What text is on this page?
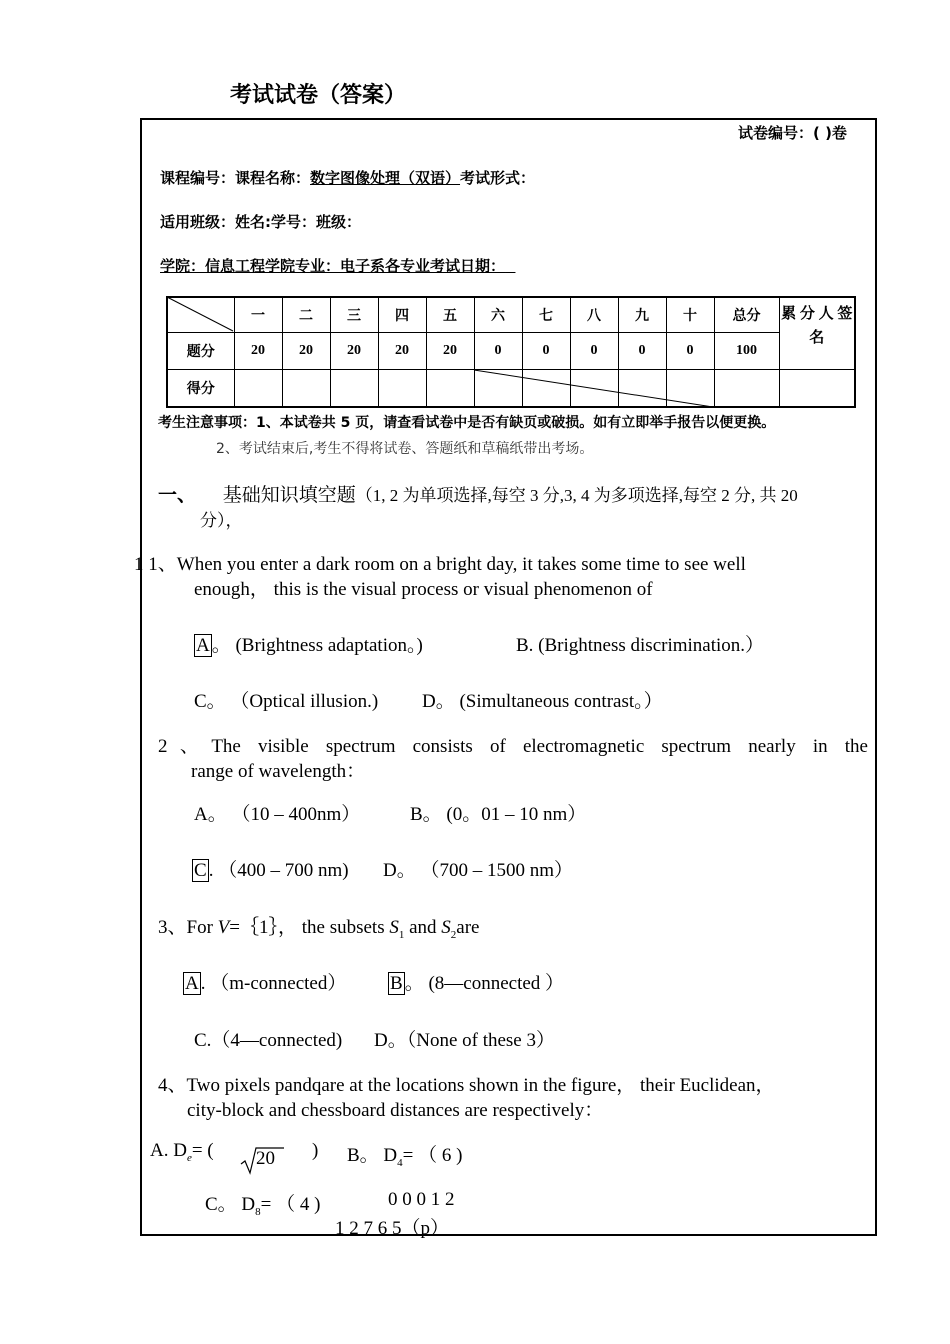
考试试卷（答案）
试卷编号：( )卷
课程编号：课程名称：数字图像处理（双语）考试形式：
适用班级：姓名:学号：班级：
学院：信息工程学院专业：电子系各专业考试日期：
	一	二	三	四	五	六	七	八	九	十	总分	累 分 人 签名
题分	20	20	20	20	20	0	0	0	0	0	100	
得分												
考生注意事项：1、本试卷共 5 页，请查看试卷中是否有缺页或破损。如有立即举手报告以便更换。
2、考试结束后,考生不得将试卷、答题纸和草稿纸带出考场。
一、 基础知识填空题（1, 2 为单项选择,每空 3 分,3, 4 为多项选择,每空 2 分, 共 20
分），
1 1、When you enter a dark room on a bright day, it takes some time to see well
enough， this is the visual process or visual phenomenon of
A 。 (Brightness adaptation。)	B. (Brightness discrimination.）
C。 （Optical illusion.) D。 (Simultaneous contrast。）
2、The visible spectrum consists of electromagnetic spectrum nearly in the
range of wavelength：
A。 （10 – 400nm）	B。 (0。01 – 10 nm）
C . （400 – 700 nm) D。 （700 – 1500 nm）
3、For V=｛1｝， the subsets $S_1$ and $S_2are$
A . （m-connected） B 。 (8—connected ）
C.（4—connected) D。（None of these 3）
4、Two pixels pandqare at the locations shown in the figure， their Euclidean，
city-block and chessboard distances are respectively：
A. $D_e=$ ( 20 ) B。 $D_4=$ （ 6 )
C。 $D_8=$ （ 4 )	0 0 0 1 2
1 2 7 6 5（p）
